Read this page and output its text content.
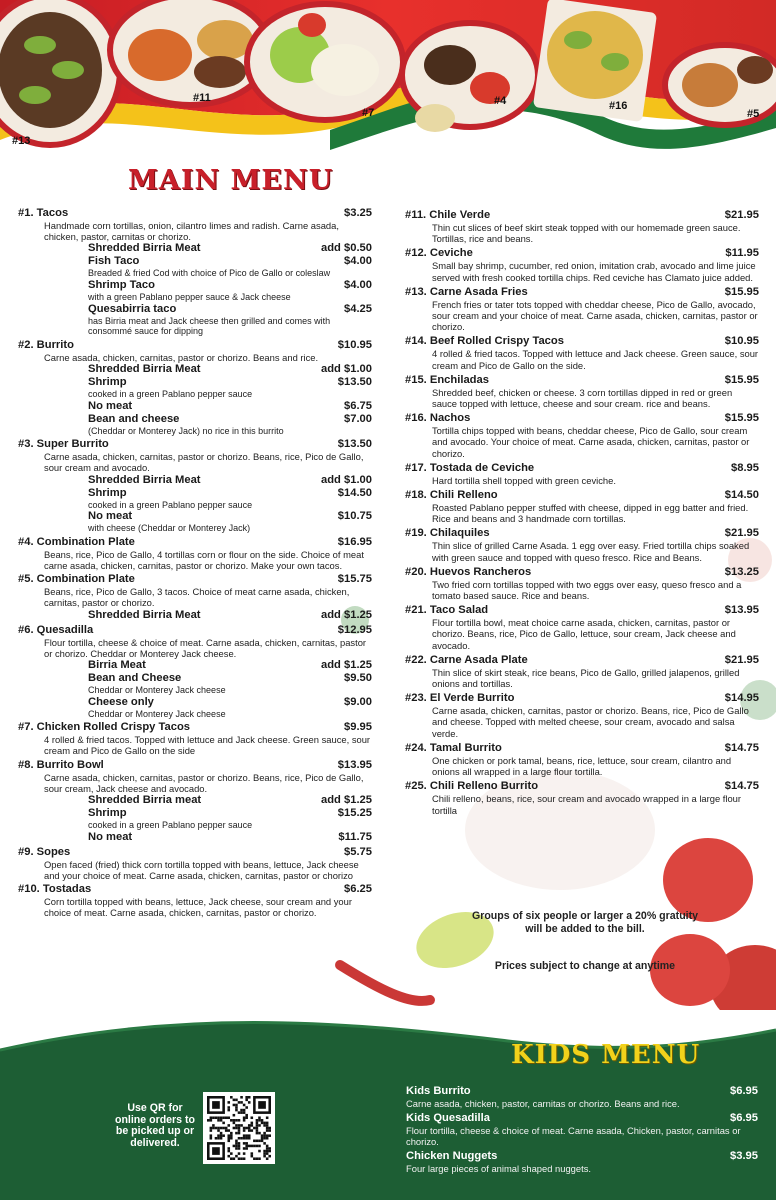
#13
#11
#7
#4	#16
#5
MAIN MENU
#1. Tacos	$3.25
Handmade corn tortillas, onion, cilantro limes and radish. Carne asada, chicken, pastor, carnitas or chorizo.
Shredded Birria Meat	add $0.50
Fish Taco	$4.00
Breaded & fried Cod with choice of Pico de Gallo or coleslaw
Shrimp Taco	$4.00
with a green Pablano pepper sauce & Jack cheese
Quesabirria taco	$4.25
has Birria meat and Jack cheese then grilled and comes with consommé sauce for dipping
#2. Burrito	$10.95
Carne asada, chicken, carnitas, pastor or chorizo. Beans and rice.
Shredded Birria Meat	add $1.00
Shrimp	$13.50
cooked in a green Pablano pepper sauce
No meat	$6.75
Bean and cheese	$7.00
(Cheddar or Monterey Jack) no rice in this burrito
#3. Super Burrito	$13.50
Carne asada, chicken, carnitas, pastor or chorizo. Beans, rice, Pico de Gallo, sour cream and avocado.
Shredded Birria Meat	add $1.00
Shrimp	$14.50
cooked in a green Pablano pepper sauce
No meat	$10.75
with cheese (Cheddar or Monterey Jack)
#4. Combination Plate	$16.95
Beans, rice, Pico de Gallo, 4 tortillas corn or flour on the side. Choice of meat carne asada, chicken, carnitas, pastor or chorizo. Make your own tacos.
#5. Combination Plate	$15.75
Beans, rice, Pico de Gallo, 3 tacos. Choice of meat carne asada, chicken, carnitas, pastor or chorizo.
Shredded Birria Meat	add $1.25
#6. Quesadilla	$12.95
Flour tortilla, cheese & choice of meat. Carne asada, chicken, carnitas, pastor or chorizo. Cheddar or Monterey Jack cheese.
Birria Meat	add $1.25
Bean and Cheese	$9.50
Cheddar or Monterey Jack cheese
Cheese only	$9.00
Cheddar or Monterey Jack cheese
#7. Chicken Rolled Crispy Tacos	$9.95
4 rolled & fried tacos. Topped with lettuce and Jack cheese. Green sauce, sour cream and Pico de Gallo on the side
#8. Burrito Bowl	$13.95
Carne asada, chicken, carnitas, pastor or chorizo. Beans, rice, Pico de Gallo, sour cream, Jack cheese and avocado.
Shredded Birria meat	add $1.25
Shrimp	$15.25
cooked in a green Pablano pepper sauce
No meat	$11.75
#9. Sopes	$5.75
Open faced (fried) thick corn tortilla topped with beans, lettuce, Jack cheese and your choice of meat. Carne asada, chicken, carnitas, pastor or chorizo
#10. Tostadas	$6.25
Corn tortilla topped with beans, lettuce, Jack cheese, sour cream and your choice of meat. Carne asada, chicken, carnitas, pastor or chorizo.
#11. Chile Verde	$21.95
Thin cut slices of beef skirt steak topped with our homemade green sauce. Tortillas, rice and beans.
#12. Ceviche	$11.95
Small bay shrimp, cucumber, red onion, imitation crab, avocado and lime juice served with fresh cooked tortilla chips. Red ceviche has Clamato juice added.
#13. Carne Asada Fries	$15.95
French fries or tater tots topped with cheddar cheese, Pico de Gallo, avocado, sour cream and your choice of meat. Carne asada, chicken, carnitas, pastor or chorizo.
#14. Beef Rolled Crispy Tacos	$10.95
4 rolled & fried tacos. Topped with lettuce and Jack cheese. Green sauce, sour cream and Pico de Gallo on the side.
#15. Enchiladas	$15.95
Shredded beef, chicken or cheese. 3 corn tortillas dipped in red or green sauce topped with lettuce, cheese and sour cream. rice and beans.
#16. Nachos	$15.95
Tortilla chips topped with beans, cheddar cheese, Pico de Gallo, sour cream and avocado. Your choice of meat. Carne asada, chicken, carnitas, pastor or chorizo.
#17. Tostada de Ceviche	$8.95
Hard tortilla shell topped with green ceviche.
#18. Chili Relleno	$14.50
Roasted Pablano pepper stuffed with cheese, dipped in egg batter and fried. Rice and beans and 3 handmade corn tortillas.
#19. Chilaquiles	$21.95
Thin slice of grilled Carne Asada. 1 egg over easy. Fried tortilla chips soaked with green sauce and topped with queso fresco. Rice and Beans.
#20. Huevos Rancheros	$13.25
Two fried corn tortillas topped with two eggs over easy, queso fresco and a tomato based sauce. Rice and beans.
#21. Taco Salad	$13.95
Flour tortilla bowl, meat choice carne asada, chicken, carnitas, pastor or chorizo. Beans, rice, Pico de Gallo, lettuce, sour cream, Jack cheese and avocado.
#22. Carne Asada Plate	$21.95
Thin slice of skirt steak, rice beans, Pico de Gallo, grilled jalapenos, grilled onions and tortillas.
#23. El Verde Burrito	$14.95
Carne asada, chicken, carnitas, pastor or chorizo. Beans, rice, Pico de Gallo and cheese. Topped with melted cheese, sour cream, avocado and salsa verde.
#24. Tamal Burrito	$14.75
One chicken or pork tamal, beans, rice, lettuce, sour cream, cilantro and onions all wrapped in a large flour tortilla.
#25. Chili Relleno Burrito	$14.75
Chili relleno, beans, rice, sour cream and avocado wrapped in a large flour tortilla
Groups of six people or larger a 20% gratuity will be added to the bill.
Prices subject to change at anytime
KIDS MENU
Kids Burrito	$6.95
Carne asada, chicken, pastor, carnitas or chorizo. Beans and rice.
Kids Quesadilla	$6.95
Flour tortilla, cheese & choice of meat. Carne asada, Chicken, pastor, carnitas or chorizo.
Chicken Nuggets	$3.95
Four large pieces of animal shaped nuggets.
Use QR for online orders to be picked up or delivered.
